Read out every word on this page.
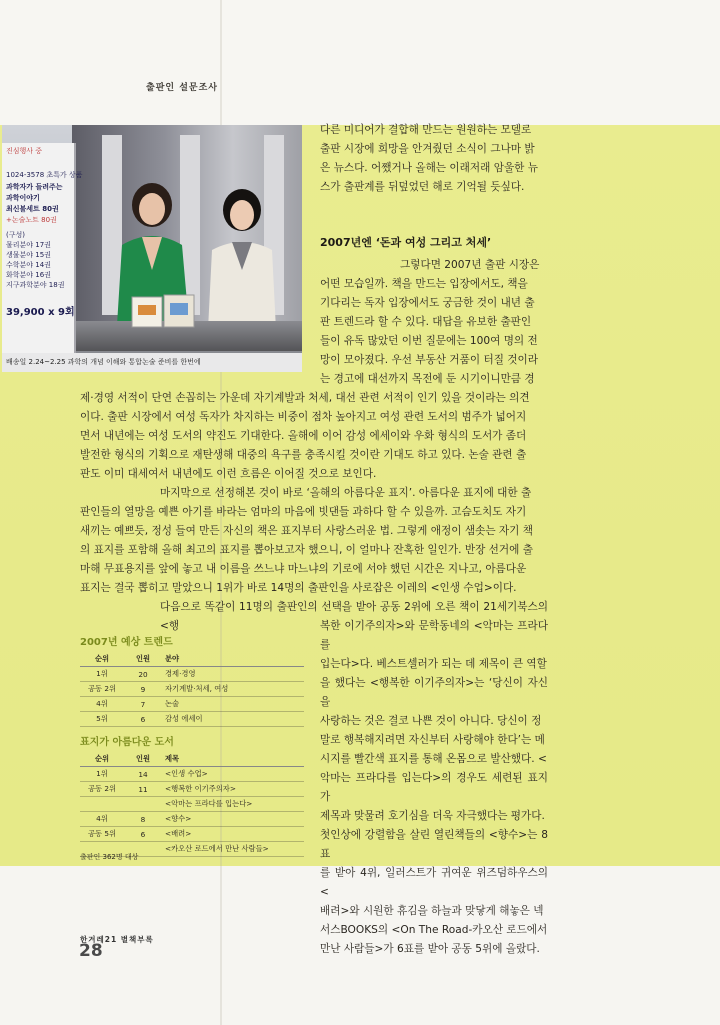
출판인 설문조사
진심행사 중
1024-3578 초특가 상품
과학자가 들려주는
과학이야기
최신불세트 80권
+논술노트 80권
(구성)
물리분야 17권
생물분야 15권
수학분야 14권
화학분야 16권
지구과학분야 18권
39,900 x 9회
배송일 2.24~2.25 과학의 개념 이해와 통합논술 준비를 한번에

다른 미디어가 결합해 만드는 원원하는 모델로

출판 시장에 희망을 안겨줬던 소식이 그나마 밝

은 뉴스다. 어쨌거나 올해는 이래저래 암울한 뉴

스가 출판계를 뒤덮었던 해로 기억될 듯싶다.

2007년엔 ‘돈과 여성 그리고 처세’

그렇다면 2007년 출판 시장은

어떤 모습일까. 책을 만드는 입장에서도, 책을

기다리는 독자 입장에서도 궁금한 것이 내년 출

판 트렌드라 할 수 있다. 대답을 유보한 출판인

들이 유독 많았던 이번 질문에는 100여 명의 전

망이 모아졌다. 우선 부동산 거품이 터질 것이라

는 경고에 대선까지 목전에 둔 시기이니만큼 경

제·경영 서적이 단연 손꼽히는 가운데 자기계발과 처세, 대선 관련 서적이 인기 있을 것이라는 의견

이다. 출판 시장에서 여성 독자가 차지하는 비중이 점차 높아지고 여성 관련 도서의 범주가 넓어지

면서 내년에는 여성 도서의 약진도 기대한다. 올해에 이어 감성 에세이와 우화 형식의 도서가 좀더

발전한 형식의 기획으로 재탄생해 대중의 욕구를 충족시킬 것이란 기대도 하고 있다. 논술 관련 출

판도 이미 대세여서 내년에도 이런 흐름은 이어질 것으로 보인다.

마지막으로 선정해본 것이 바로 ‘올해의 아름다운 표지’. 아름다운 표지에 대한 출

판인들의 열망을 예쁜 아기를 바라는 엄마의 마음에 빗댄들 과하다 할 수 있을까. 고슴도치도 자기

새끼는 예쁘듯, 정성 들여 만든 자신의 책은 표지부터 사랑스러운 법. 그렇게 애정이 샘솟는 자기 책

의 표지를 포함해 올해 최고의 표지를 뽑아보고자 했으니, 이 얼마나 잔혹한 일인가. 반장 선거에 출

마해 무표용지를 앞에 놓고 내 이름을 쓰느냐 마느냐의 기로에 서야 했던 시간은 지나고, 아름다운

표지는 결국 뽑히고 말았으니 1위가 바로 14명의 출판인을 사로잡은 이레의 <인생 수업>이다.

다음으로 똑같이 11명의 출판인의 선택을 받아 공동 2위에 오른 책이 21세기북스의 <행	복한 이기주의자>와 문학동네의 <악마는 프라다를

입는다>다. 베스트셀러가 되는 데 제목이 큰 역할

을 했다는 <행복한 이기주의자>는 ‘당신이 자신을

사랑하는 것은 결코 나쁜 것이 아니다. 당신이 정

말로 행복해지려면 자신부터 사랑해야 한다’는 메

시지를 빨간색 표지를 통해 온몸으로 발산했다. <

악마는 프라다를 입는다>의 경우도 세련된 표지가

제목과 맞물려 호기심을 더욱 자극했다는 평가다.

첫인상에 강렬함을 살린 열린책들의 <향수>는 8표

를 받아 4위, 일러스트가 귀여운 위즈덤하우스의 <

배려>와 시원한 휴김을 하늘과 맞닿게 해놓은 넥

서스BOOKS의 <On The Road-카오산 로드에서

만난 사람들>가 6표를 받아 공동 5위에 올랐다.

2007년 예상 트렌드
순위	인원	분야
1위	20	경제·경영
공동 2위	9	자기계발·처세, 여성
4위	7	논술
5위	6	감성 에세이
표지가 아름다운 도서
순위	인원	제목
1위	14	<인생 수업>
공동 2위	11	<행복한 이기주의자>
		<악마는 프라다를 입는다>
4위	8	<향수>
공동 5위	6	<배려>
		<카오산 로드에서 만난 사람들>
출판인 362명 대상
한겨레21 별책부록
28
